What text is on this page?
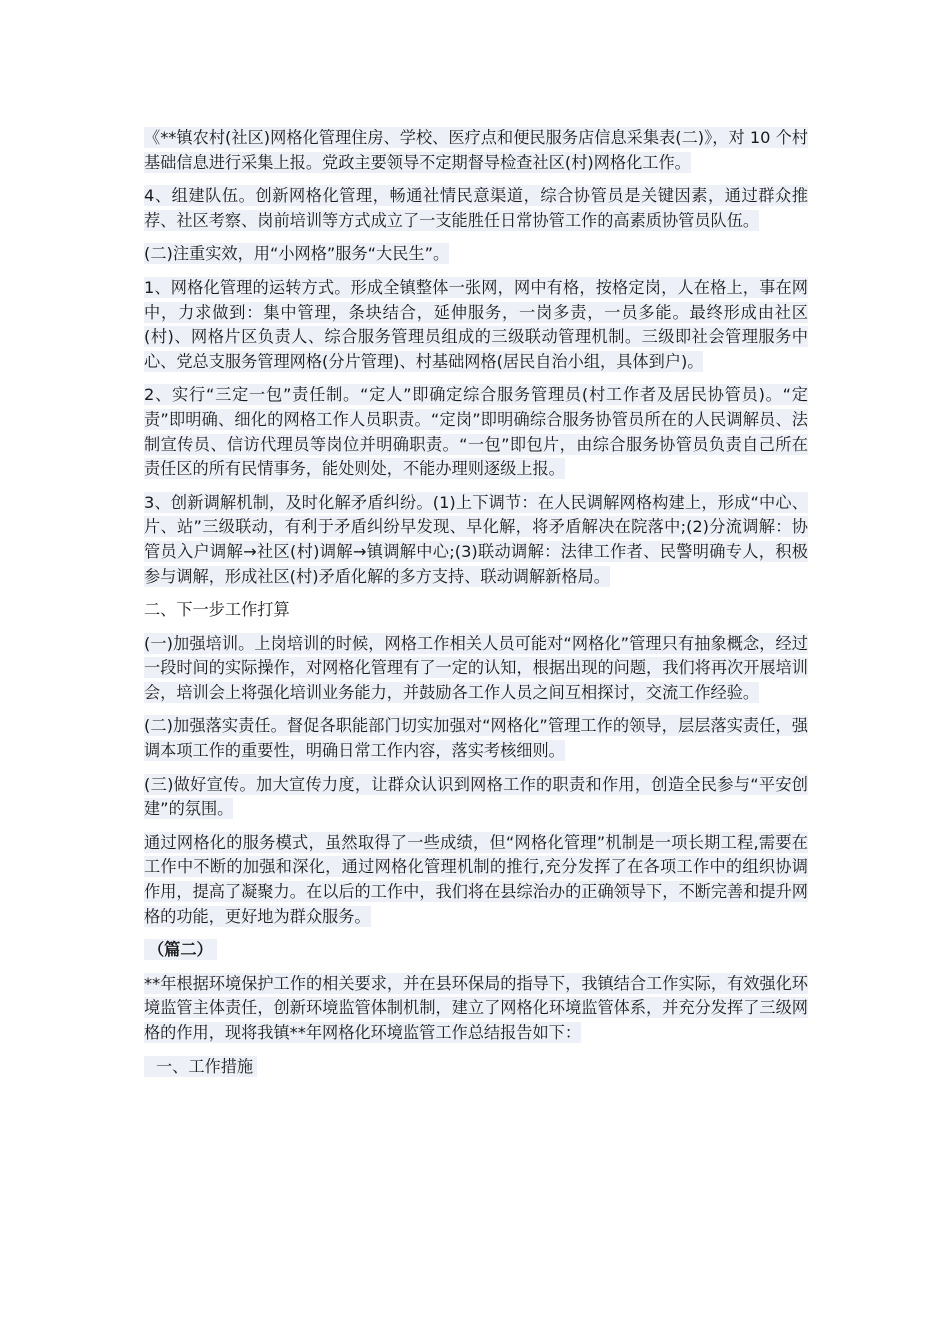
《**镇农村(社区)网格化管理住房、学校、医疗点和便民服务店信息采集表(二)》，对 10 个村基础信息进行采集上报。党政主要领导不定期督导检查社区(村)网格化工作。

4、组建队伍。创新网格化管理，畅通社情民意渠道，综合协管员是关键因素，通过群众推荐、社区考察、岗前培训等方式成立了一支能胜任日常协管工作的高素质协管员队伍。

(二)注重实效，用“小网格”服务“大民生”。

1、网格化管理的运转方式。形成全镇整体一张网，网中有格，按格定岗，人在格上，事在网中，力求做到：集中管理，条块结合，延伸服务，一岗多责，一员多能。最终形成由社区(村)、网格片区负责人、综合服务管理员组成的三级联动管理机制。三级即社会管理服务中心、党总支服务管理网格(分片管理)、村基础网格(居民自治小组，具体到户)。

2、实行“三定一包”责任制。“定人”即确定综合服务管理员(村工作者及居民协管员)。“定责”即明确、细化的网格工作人员职责。“定岗”即明确综合服务协管员所在的人民调解员、法制宣传员、信访代理员等岗位并明确职责。“一包”即包片，由综合服务协管员负责自己所在责任区的所有民情事务，能处则处，不能办理则逐级上报。

3、创新调解机制，及时化解矛盾纠纷。(1)上下调节：在人民调解网格构建上，形成“中心、片、站”三级联动，有利于矛盾纠纷早发现、早化解，将矛盾解决在院落中;(2)分流调解：协管员入户调解→社区(村)调解→镇调解中心;(3)联动调解：法律工作者、民警明确专人，积极参与调解，形成社区(村)矛盾化解的多方支持、联动调解新格局。

二、下一步工作打算

(一)加强培训。上岗培训的时候，网格工作相关人员可能对“网格化”管理只有抽象概念，经过一段时间的实际操作，对网格化管理有了一定的认知，根据出现的问题，我们将再次开展培训会，培训会上将强化培训业务能力，并鼓励各工作人员之间互相探讨，交流工作经验。

(二)加强落实责任。督促各职能部门切实加强对“网格化”管理工作的领导，层层落实责任，强调本项工作的重要性，明确日常工作内容，落实考核细则。

(三)做好宣传。加大宣传力度，让群众认识到网格工作的职责和作用，创造全民参与“平安创建”的氛围。

通过网格化的服务模式，虽然取得了一些成绩，但“网格化管理”机制是一项长期工程,需要在工作中不断的加强和深化，通过网格化管理机制的推行,充分发挥了在各项工作中的组织协调作用，提高了凝聚力。在以后的工作中，我们将在县综治办的正确领导下，不断完善和提升网格的功能，更好地为群众服务。

（篇二）

**年根据环境保护工作的相关要求，并在县环保局的指导下，我镇结合工作实际，有效强化环境监管主体责任，创新环境监管体制机制，建立了网格化环境监管体系，并充分发挥了三级网格的作用，现将我镇**年网格化环境监管工作总结报告如下：

一、工作措施
